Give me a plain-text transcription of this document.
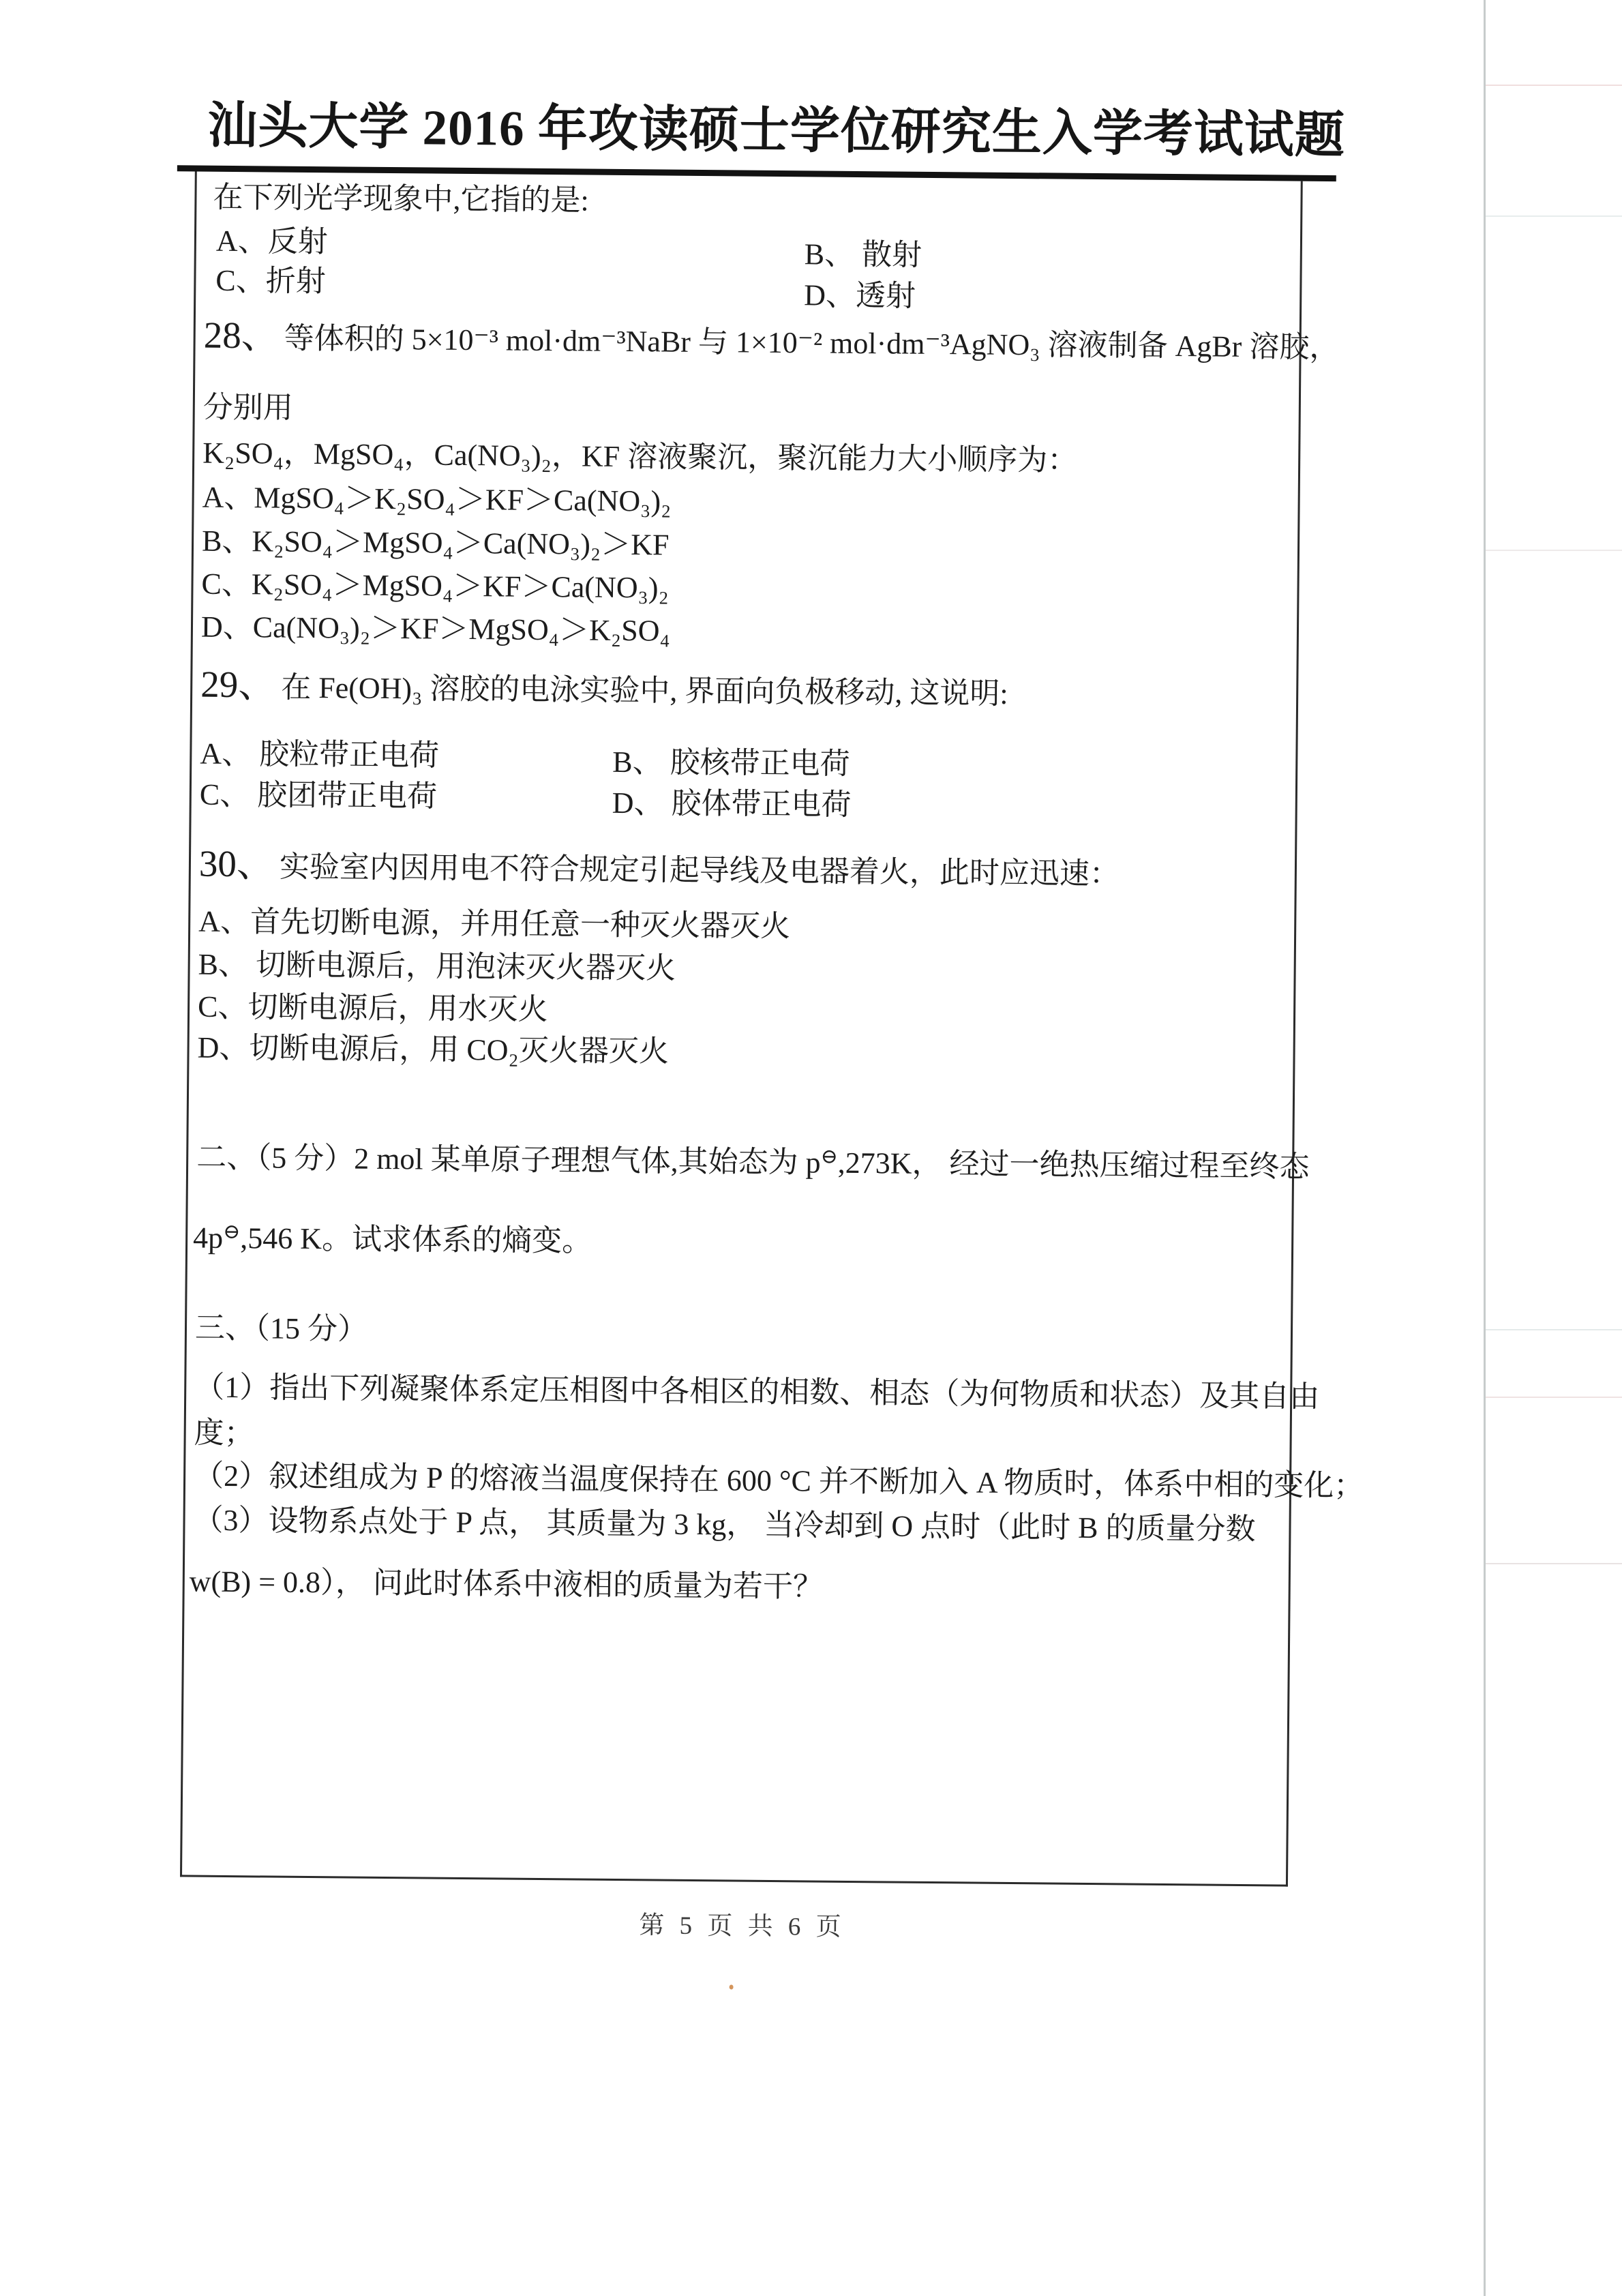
汕头大学 2016 年攻读硕士学位研究生入学考试试题
在下列光学现象中,它指的是:
A、反射	B、 散射
C、折射	D、透射
28、 等体积的 5×10⁻³ mol·dm⁻³NaBr 与 1×10⁻² mol·dm⁻³AgNO₃ 溶液制备 AgBr 溶胶，
分别用
K₂SO₄，MgSO₄，Ca(NO₃)₂，KF 溶液聚沉，聚沉能力大小顺序为：
A、MgSO₄＞K₂SO₄＞KF＞Ca(NO₃)₂
B、K₂SO₄＞MgSO₄＞Ca(NO₃)₂＞KF
C、K₂SO₄＞MgSO₄＞KF＞Ca(NO₃)₂
D、Ca(NO₃)₂＞KF＞MgSO₄＞K₂SO₄
29、 在 Fe(OH)₃ 溶胶的电泳实验中, 界面向负极移动, 这说明:
A、 胶粒带正电荷	B、 胶核带正电荷
C、 胶团带正电荷	D、 胶体带正电荷
30、 实验室内因用电不符合规定引起导线及电器着火，此时应迅速：
A、首先切断电源，并用任意一种灭火器灭火
B、 切断电源后，用泡沫灭火器灭火
C、切断电源后，用水灭火
D、切断电源后，用 CO₂灭火器灭火
二、（5 分）2 mol 某单原子理想气体,其始态为 p⊖,273K， 经过一绝热压缩过程至终态
4p⊖,546 K。试求体系的熵变。
三、（15 分）
（1）指出下列凝聚体系定压相图中各相区的相数、相态（为何物质和状态）及其自由
度；
（2）叙述组成为 P 的熔液当温度保持在 600 °C 并不断加入 A 物质时，体系中相的变化；
（3）设物系点处于 P 点， 其质量为 3 kg， 当冷却到 O 点时（此时 B 的质量分数
w(B) = 0.8）， 问此时体系中液相的质量为若干？
第 5 页 共 6 页
